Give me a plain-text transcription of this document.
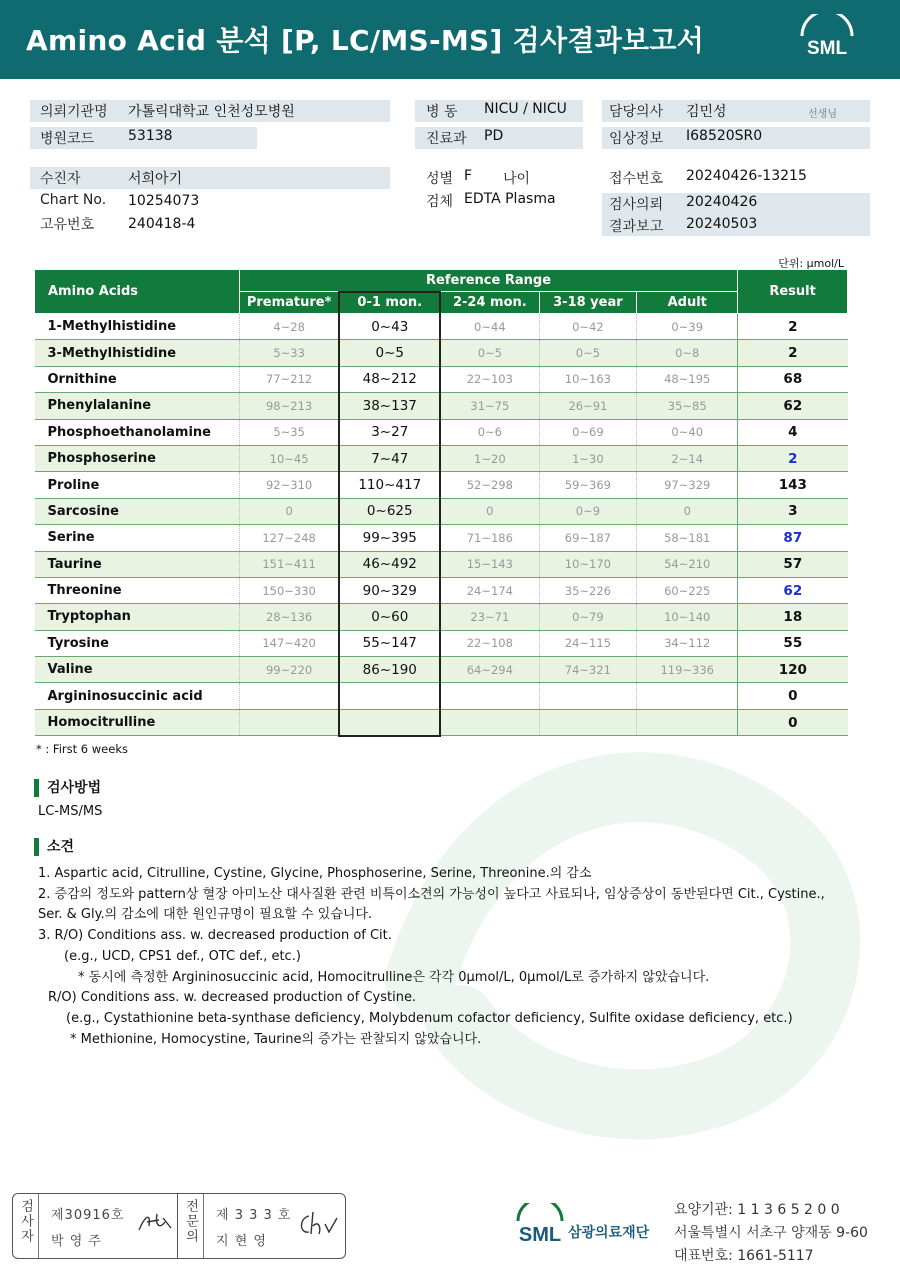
Amino Acid 분석 [P, LC/MS-MS] 검사결과보고서	SML
의뢰기관명 가톨릭대학교 인천성모병원
병원코드 53138
병 동 NICU / NICU
진료과 PD
담당의사 김민성	선생님
임상정보 I68520SR0
수진자	서희아기
Chart No. 10254073
고유번호 240418-4
성별 F 나이
검체 EDTA Plasma
접수번호 20240426-13215
검사의뢰 20240426
결과보고 20240503
단위: μmol/L
Amino Acids	Reference Range					Result
	Premature*	0-1 mon.	2-24 mon.	3-18 year	Adult	
1-Methylhistidine	4~28	0~43	0~44	0~42	0~39	2
3-Methylhistidine	5~33	0~5	0~5	0~5	0~8	2
Ornithine	77~212	48~212	22~103	10~163	48~195	68
Phenylalanine	98~213	38~137	31~75	26~91	35~85	62
Phosphoethanolamine	5~35	3~27	0~6	0~69	0~40	4
Phosphoserine	10~45	7~47	1~20	1~30	2~14	2
Proline	92~310	110~417	52~298	59~369	97~329	143
Sarcosine	0	0~625	0	0~9	0	3
Serine	127~248	99~395	71~186	69~187	58~181	87
Taurine	151~411	46~492	15~143	10~170	54~210	57
Threonine	150~330	90~329	24~174	35~226	60~225	62
Tryptophan	28~136	0~60	23~71	0~79	10~140	18
Tyrosine	147~420	55~147	22~108	24~115	34~112	55
Valine	99~220	86~190	64~294	74~321	119~336	120
Argininosuccinic acid						0
Homocitrulline						0
* : First 6 weeks
검사방법
LC-MS/MS
소견
1. Aspartic acid, Citrulline, Cystine, Glycine, Phosphoserine, Serine, Threonine.의 감소
2. 증감의 정도와 pattern상 혈장 아미노산 대사질환 관련 비특이소견의 가능성이 높다고 사료되나, 임상증상이 동반된다면 Cit., Cystine.,
Ser. & Gly.의 감소에 대한 원인규명이 필요할 수 있습니다.
3. R/O) Conditions ass. w. decreased production of Cit.
(e.g., UCD, CPS1 def., OTC def., etc.)
* 동시에 측정한 Argininosuccinic acid, Homocitrulline은 각각 0μmol/L, 0μmol/L로 증가하지 않았습니다.
R/O) Conditions ass. w. decreased production of Cystine.
(e.g., Cystathionine beta-synthase deficiency, Molybdenum cofactor deficiency, Sulfite oxidase deficiency, etc.)
* Methionine, Homocystine, Taurine의 증가는 관찰되지 않았습니다.
검사자	제30916호
박 영 주	전문의	제 3 3 3 호
지 현 영	SML 삼광의료재단
요양기관: 1 1 3 6 5 2 0 0
서울특별시 서초구 양재동 9-60
대표번호: 1661-5117
